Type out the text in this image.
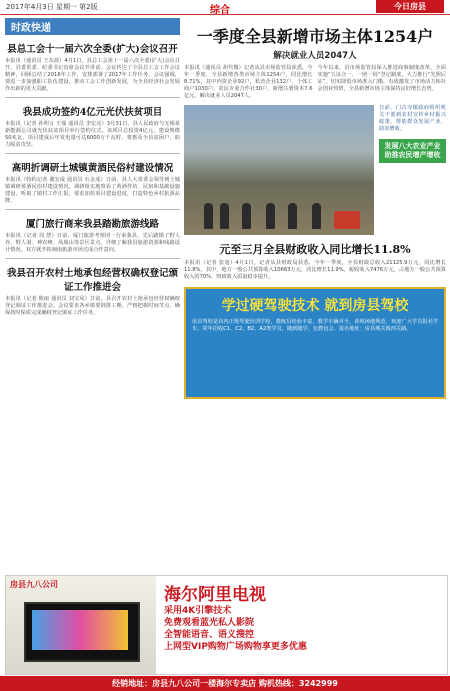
2017年4月3日 星期一 第2版	综合	今日房县
时政快递
县总工会十一届六次全委(扩大)会议召开
本报讯（通讯员 王东波）4月1日，县总工会第十一届六次全委(扩大)会议召开，县委常委、纪委书记出席会议并讲话。会议传达了全县总工会工作会议精神，回顾总结了2016年工作，安排部署了2017年工作任务。会议强调，要进一步加强职工队伍建设，推动工会工作创新发展，为全县经济社会发展作出新的更大贡献。
我县成功签约4亿元光伏扶贫项目
本报讯（记者 孙明言 王瑞 通讯员 李宏亮）3月31日，县人民政府与无锡某新能源公司就光伏扶贫项目举行签约仪式。该项目总投资4亿元，建设规模50兆瓦，项目建成后年发电量可达6000万千瓦时，将惠及全县贫困户，助力脱贫攻坚。
高明折调研土城镇黄酒民俗村建设情况
本报讯（特约记者 谢宏成 通讯员 石金成）日前，县人大常委会领导到土城镇调研黄酒民俗村建设情况。调研组实地察看了黄酒作坊、民宿和基础设施建设，听取了镇村工作汇报，要求加快项目建设进度，打造特色乡村旅游品牌。
厦门旅行商来我县踏勘旅游线路
本报讯（记者 周 慧）日前，厦门旅游考察团一行来我县，先后踏勘了野人谷、野人洞、神农峰、凤凰山等景区景点，详细了解我县旅游资源和线路设计情况，双方就开拓闽南旅游市场达成合作意向。
我县召开农村土地承包经营权确权登记颁证工作推进会
本报讯（记者 陈丽 通讯员 刘宝凤）日前，县召开农村土地承包经营权确权登记颁证工作推进会。会议要求各乡镇要倒排工期，严格把握时间节点，确保按时保质完成确权登记颁证工作任务。
一季度全县新增市场主体1254户
解决就业人员2047人
本报讯（通讯员 胡代微）记者从县市场监管局获悉，今年一季度，全县新增各类市场主体1254户，同比增长8.71%，其中内资企业92户，私营企业132户，个体工商户1030户，农民专业合作社30户，新增注册资本7.6亿元，解决就业人员2047人。
今年以来，县市场监管局深入推进商事制度改革，全面实施“五证合一、一照一码”登记制度，大力推行“先照后证”，切实降低市场准入门槛，有效激发了市场活力和社会创业热情，全县新增市场主体保持良好增长态势。
日前，门古寺镇政府组织机关干部到农村宣传乡村振兴政策，帮助群众发展产业，助农增收。
发展八大农业产业 助推农民增产增收
元至三月全县财政收入同比增长11.8%
本报讯（记者 张旭）4月1日，记者从县财政局获悉，今年一季度，全县财政总收入21125.9万元，同比增长11.8%。其中，地方一般公共预算收入10683万元，同比增长11.9%，税收收入7476万元，占地方一般公共预算收入的70%，财政收入质量稳步提升。
学过硬驾驶技术 就到房县驾校
房县驾校是县内正规驾驶培训学校，教练员经验丰富，教学车辆齐全，训练场地规范，欢迎广大学员报名学车。常年招收C1、C2、B2、A2类学员，随到随学，包教包会。报名地址：房县城关镇西关路。
房县九八公司
海尔阿里电视
采用4K引擎技术
免费观看蓝光私人影院
全智能语音、语义搜控
上网型VIP购物广场购物享更多优惠
经销地址：房县九八公司一楼海尔专卖店 购机热线：3242999
